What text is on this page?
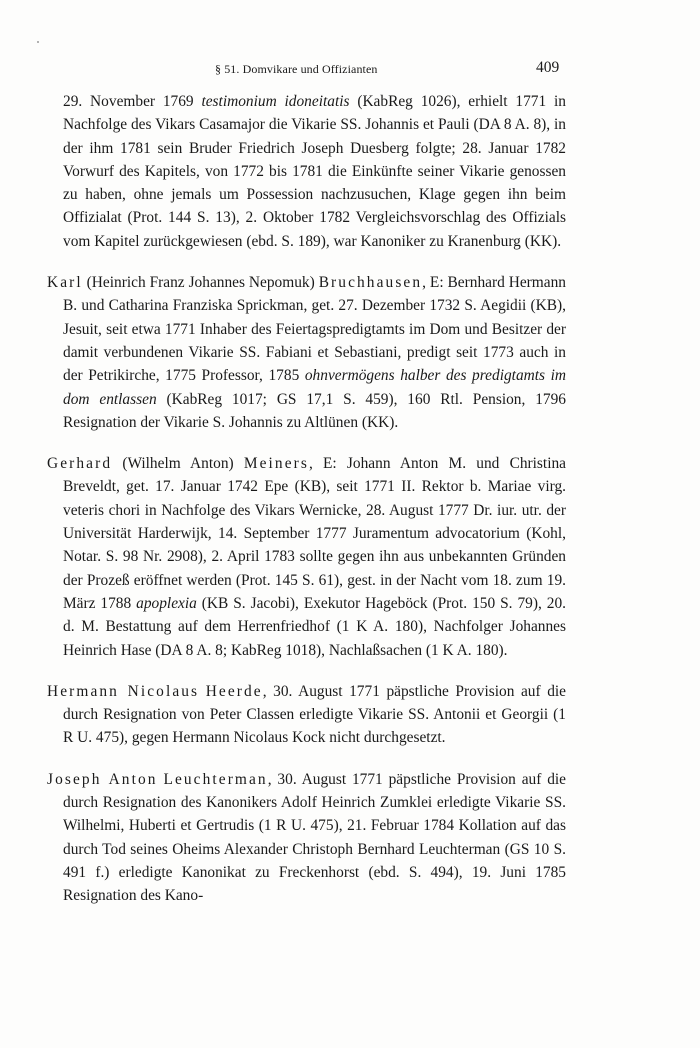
§ 51. Domvikare und Offizianten	409

29. November 1769 testimonium idoneitatis (KabReg 1026), erhielt 1771 in Nachfolge des Vikars Casamajor die Vikarie SS. Johannis et Pauli (DA 8 A. 8), in der ihm 1781 sein Bruder Friedrich Joseph Duesberg folgte; 28. Januar 1782 Vorwurf des Kapitels, von 1772 bis 1781 die Einkünfte seiner Vikarie genossen zu haben, ohne jemals um Possession nachzusuchen, Klage gegen ihn beim Offizialat (Prot. 144 S. 13), 2. Oktober 1782 Vergleichsvorschlag des Offizials vom Kapitel zurückgewiesen (ebd. S. 189), war Kanoniker zu Kranenburg (KK).

Karl (Heinrich Franz Johannes Nepomuk) Bruchhausen, E: Bernhard Hermann B. und Catharina Franziska Sprickman, get. 27. Dezember 1732 S. Aegidii (KB), Jesuit, seit etwa 1771 Inhaber des Feiertagspredigtamts im Dom und Besitzer der damit verbundenen Vikarie SS. Fabiani et Sebastiani, predigt seit 1773 auch in der Petrikirche, 1775 Professor, 1785 ohnvermögens halber des predigtamts im dom entlassen (KabReg 1017; GS 17,1 S. 459), 160 Rtl. Pension, 1796 Resignation der Vikarie S. Johannis zu Altlünen (KK).

Gerhard (Wilhelm Anton) Meiners, E: Johann Anton M. und Christina Breveldt, get. 17. Januar 1742 Epe (KB), seit 1771 II. Rektor b. Mariae virg. veteris chori in Nachfolge des Vikars Wernicke, 28. August 1777 Dr. iur. utr. der Universität Harderwijk, 14. September 1777 Juramentum advocatorium (Kohl, Notar. S. 98 Nr. 2908), 2. April 1783 sollte gegen ihn aus unbekannten Gründen der Prozeß eröffnet werden (Prot. 145 S. 61), gest. in der Nacht vom 18. zum 19. März 1788 apoplexia (KB S. Jacobi), Exekutor Hageböck (Prot. 150 S. 79), 20. d. M. Bestattung auf dem Herrenfriedhof (1 K A. 180), Nachfolger Johannes Heinrich Hase (DA 8 A. 8; KabReg 1018), Nachlaßsachen (1 K A. 180).

Hermann Nicolaus Heerde, 30. August 1771 päpstliche Provision auf die durch Resignation von Peter Classen erledigte Vikarie SS. Antonii et Georgii (1 R U. 475), gegen Hermann Nicolaus Kock nicht durchgesetzt.

Joseph Anton Leuchterman, 30. August 1771 päpstliche Provision auf die durch Resignation des Kanonikers Adolf Heinrich Zumklei erledigte Vikarie SS. Wilhelmi, Huberti et Gertrudis (1 R U. 475), 21. Februar 1784 Kollation auf das durch Tod seines Oheims Alexander Christoph Bernhard Leuchterman (GS 10 S. 491 f.) erledigte Kanonikat zu Freckenhorst (ebd. S. 494), 19. Juni 1785 Resignation des Kano-
